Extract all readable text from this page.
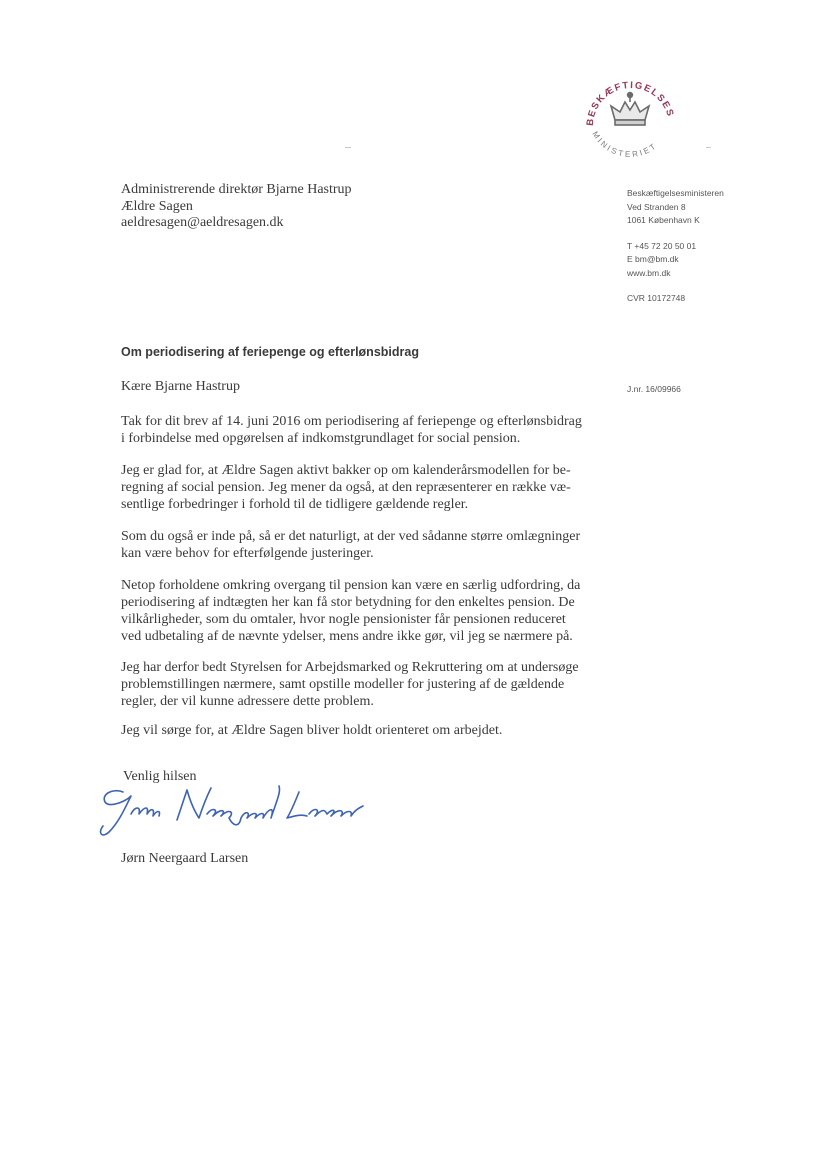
BESKÆFTIGELSES
MINISTERIET
Administrerende direktør Bjarne Hastrup
Ældre Sagen
aeldresagen@aeldresagen.dk
Beskæftigelsesministeren
Ved Stranden 8
1061 København K
T +45 72 20 50 01
E bm@bm.dk
www.bm.dk
CVR 10172748
J.nr. 16/09966
Om periodisering af feriepenge og efterlønsbidrag
Kære Bjarne Hastrup
Tak for dit brev af 14. juni 2016 om periodisering af feriepenge og efterlønsbidrag
i forbindelse med opgørelsen af indkomstgrundlaget for social pension.
Jeg er glad for, at Ældre Sagen aktivt bakker op om kalenderårsmodellen for be-
regning af social pension. Jeg mener da også, at den repræsenterer en række væ-
sentlige forbedringer i forhold til de tidligere gældende regler.
Som du også er inde på, så er det naturligt, at der ved sådanne større omlægninger
kan være behov for efterfølgende justeringer.
Netop forholdene omkring overgang til pension kan være en særlig udfordring, da
periodisering af indtægten her kan få stor betydning for den enkeltes pension. De
vilkårligheder, som du omtaler, hvor nogle pensionister får pensionen reduceret
ved udbetaling af de nævnte ydelser, mens andre ikke gør, vil jeg se nærmere på.
Jeg har derfor bedt Styrelsen for Arbejdsmarked og Rekruttering om at undersøge
problemstillingen nærmere, samt opstille modeller for justering af de gældende
regler, der vil kunne adressere dette problem.
Jeg vil sørge for, at Ældre Sagen bliver holdt orienteret om arbejdet.
Venlig hilsen
Jørn Neergaard Larsen
